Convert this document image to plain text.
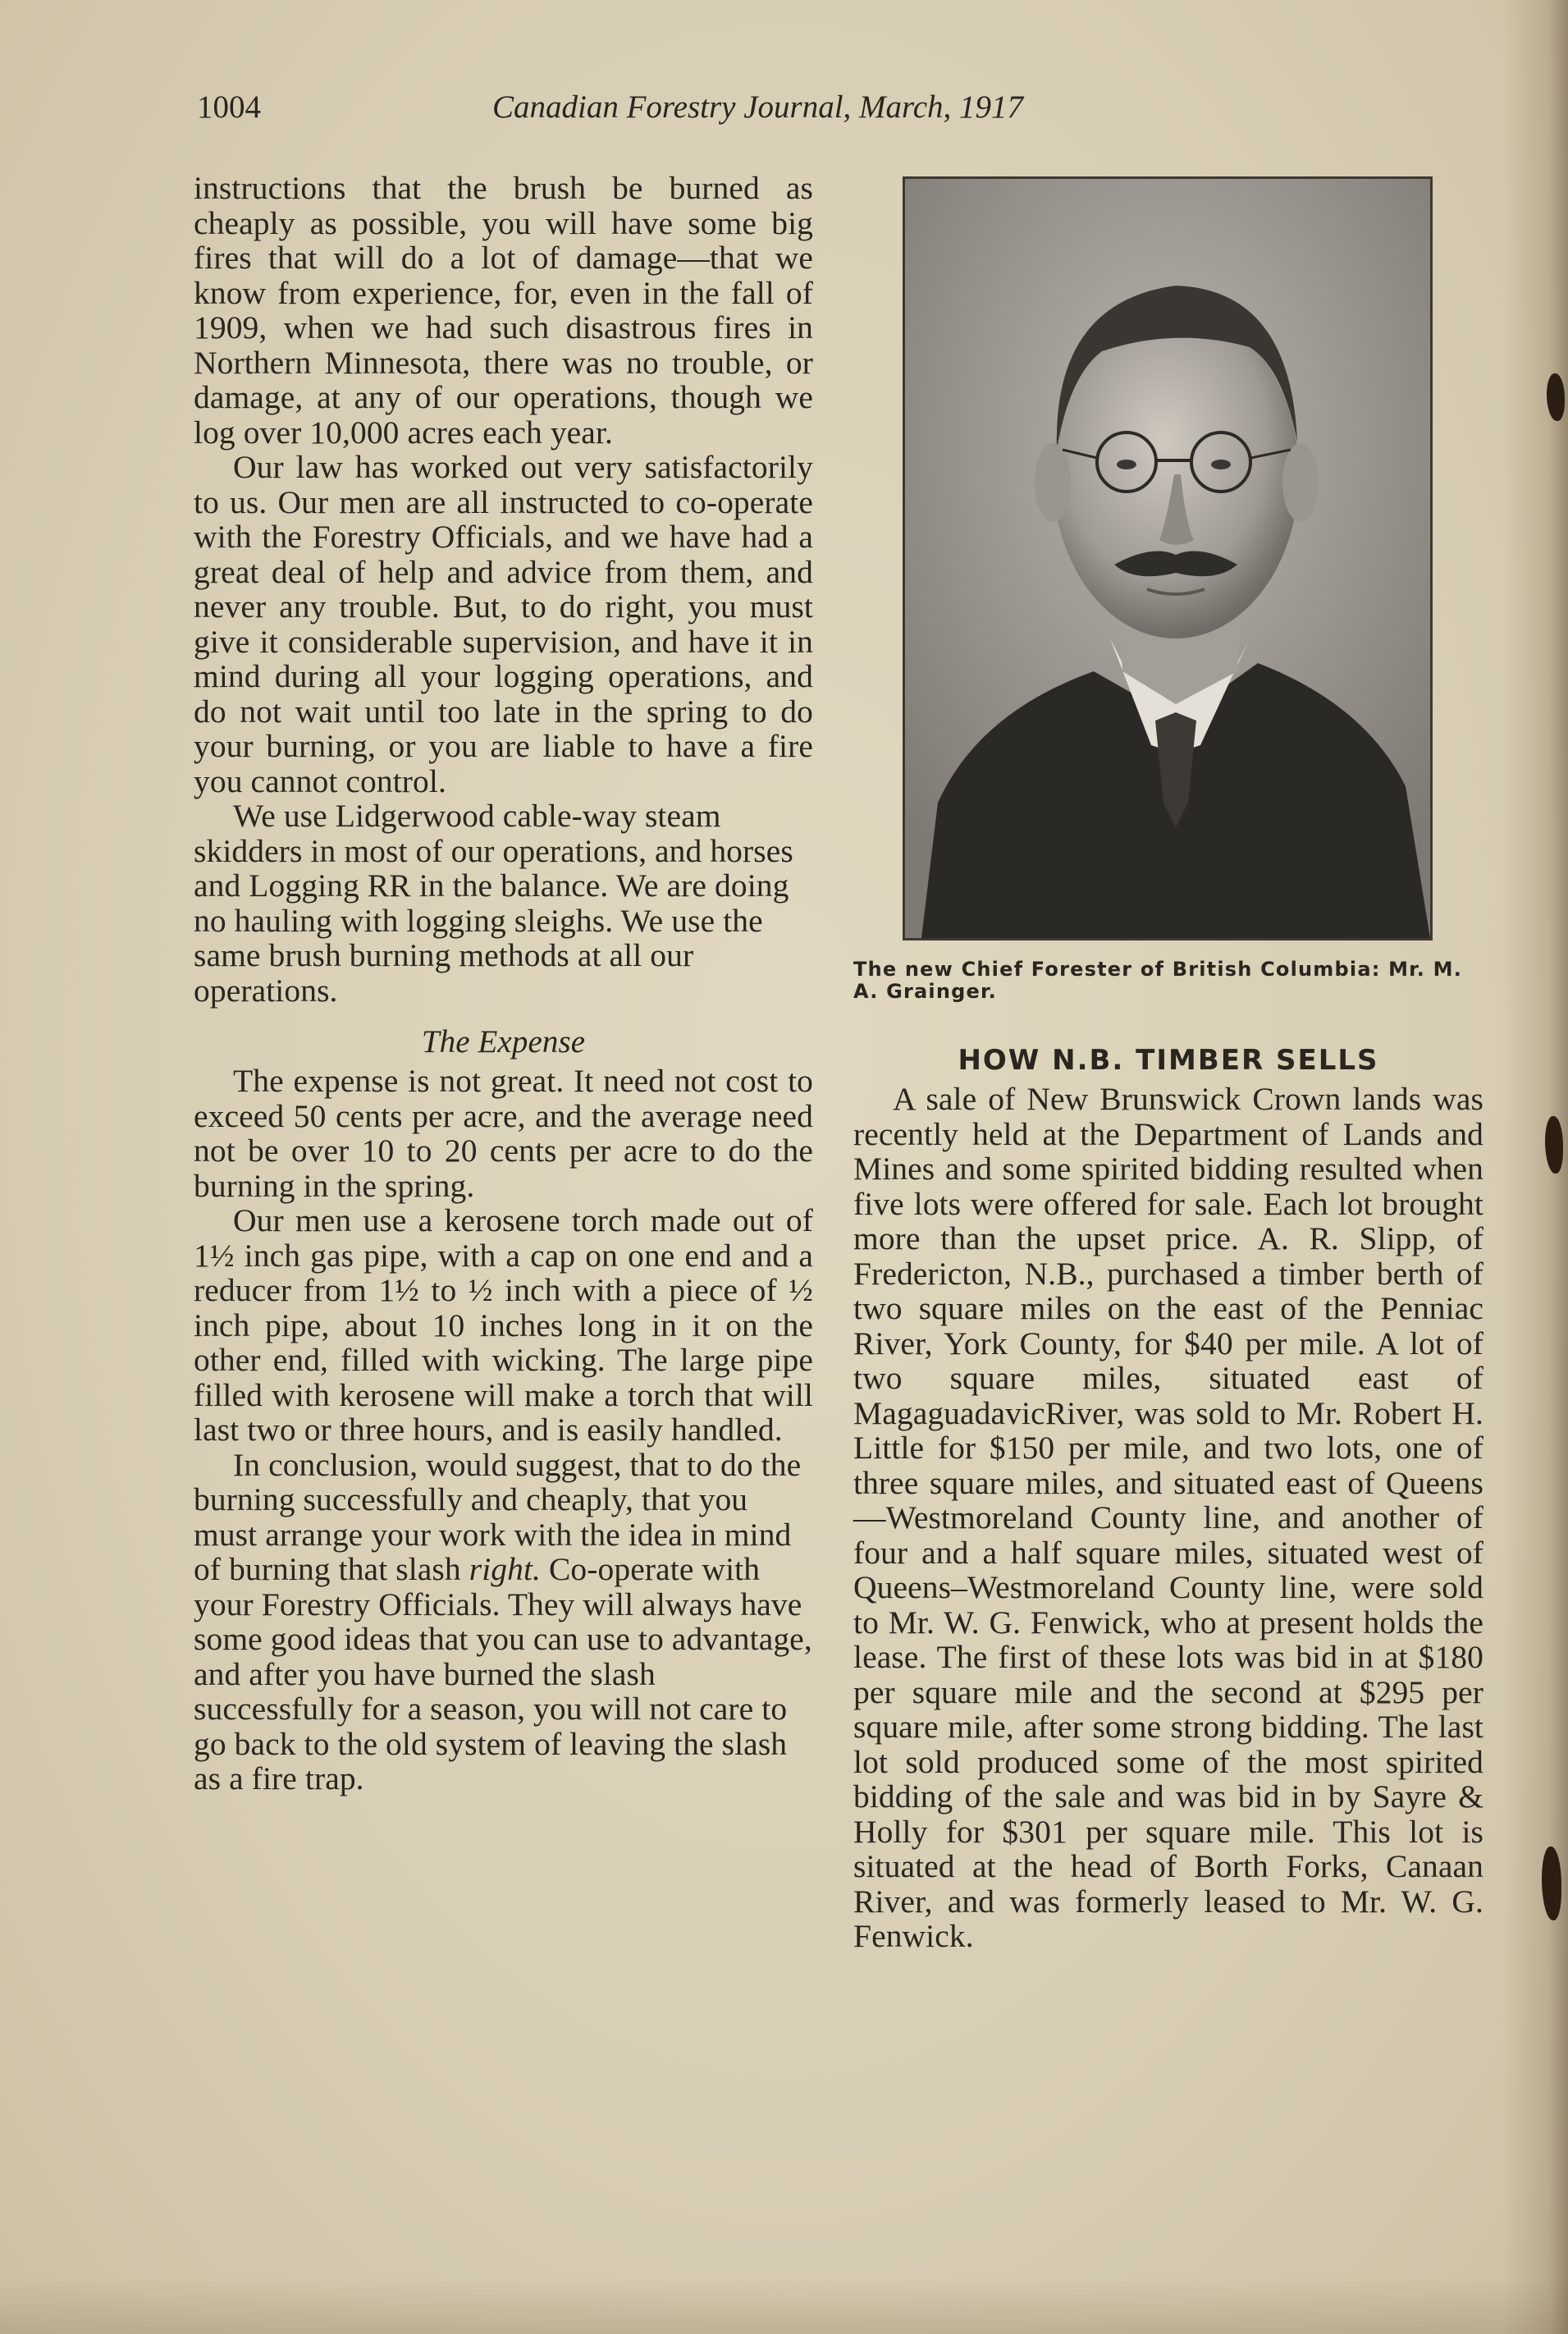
1004	Canadian Forestry Journal, March, 1917

instructions that the brush be burned as cheaply as possible, you will have some big fires that will do a lot of damage—that we know from experience, for, even in the fall of 1909, when we had such disastrous fires in Northern Minnesota, there was no trouble, or damage, at any of our operations, though we log over 10,000 acres each year.

Our law has worked out very satisfactorily to us. Our men are all instructed to co-operate with the Forestry Officials, and we have had a great deal of help and advice from them, and never any trouble. But, to do right, you must give it considerable supervision, and have it in mind during all your logging operations, and do not wait until too late in the spring to do your burning, or you are liable to have a fire you cannot control.

We use Lidgerwood cable-way steam skidders in most of our operations, and horses and Logging RR in the balance. We are doing no hauling with logging sleighs. We use the same brush burning methods at all our operations.

The Expense

The expense is not great. It need not cost to exceed 50 cents per acre, and the average need not be over 10 to 20 cents per acre to do the burning in the spring.

Our men use a kerosene torch made out of 1½ inch gas pipe, with a cap on one end and a reducer from 1½ to ½ inch with a piece of ½ inch pipe, about 10 inches long in it on the other end, filled with wicking. The large pipe filled with kerosene will make a torch that will last two or three hours, and is easily handled.

In conclusion, would suggest, that to do the burning successfully and cheaply, that you must arrange your work with the idea in mind of burning that slash right. Co-operate with your Forestry Officials. They will always have some good ideas that you can use to advantage, and after you have burned the slash successfully for a season, you will not care to go back to the old system of leaving the slash as a fire trap.

The new Chief Forester of British Columbia: Mr. M. A. Grainger.
HOW N.B. TIMBER SELLS

A sale of New Brunswick Crown lands was recently held at the Department of Lands and Mines and some spirited bidding resulted when five lots were offered for sale. Each lot brought more than the upset price. A. R. Slipp, of Fredericton, N.B., purchased a timber berth of two square miles on the east of the Penniac River, York County, for $40 per mile. A lot of two square miles, situated east of MagaguadavicRiver, was sold to Mr. Robert H. Little for $150 per mile, and two lots, one of three square miles, and situated east of Queens—Westmoreland County line, and another of four and a half square miles, situated west of Queens–Westmoreland County line, were sold to Mr. W. G. Fenwick, who at present holds the lease. The first of these lots was bid in at $180 per square mile and the second at $295 per square mile, after some strong bidding. The last lot sold produced some of the most spirited bidding of the sale and was bid in by Sayre & Holly for $301 per square mile. This lot is situated at the head of Borth Forks, Canaan River, and was formerly leased to Mr. W. G. Fenwick.
